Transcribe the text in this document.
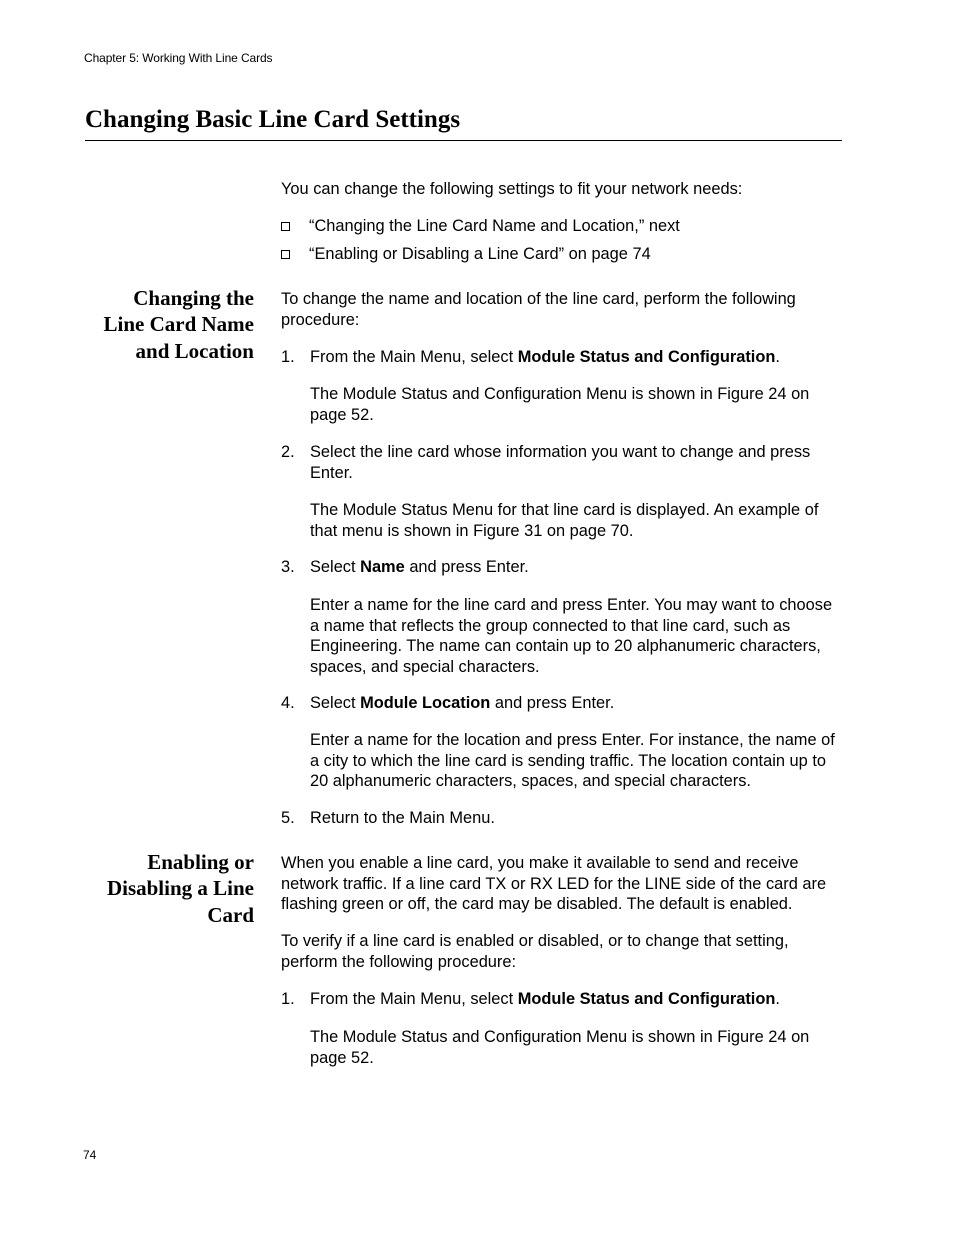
Chapter 5: Working With Line Cards
Changing Basic Line Card Settings
You can change the following settings to fit your network needs:
“Changing the Line Card Name and Location,” next
“Enabling or Disabling a Line Card” on page 74
Changing the
Line Card Name
and Location
To change the name and location of the line card, perform the following procedure:
1. From the Main Menu, select Module Status and Configuration.
The Module Status and Configuration Menu is shown in Figure 24 on page 52.
2. Select the line card whose information you want to change and press Enter.
The Module Status Menu for that line card is displayed. An example of that menu is shown in Figure 31 on page 70.
3. Select Name and press Enter.
Enter a name for the line card and press Enter. You may want to choose a name that reflects the group connected to that line card, such as Engineering. The name can contain up to 20 alphanumeric characters, spaces, and special characters.
4. Select Module Location and press Enter.
Enter a name for the location and press Enter. For instance, the name of a city to which the line card is sending traffic. The location contain up to 20 alphanumeric characters, spaces, and special characters.
5. Return to the Main Menu.
Enabling or
Disabling a Line
Card
When you enable a line card, you make it available to send and receive network traffic. If a line card TX or RX LED for the LINE side of the card are flashing green or off, the card may be disabled. The default is enabled.
To verify if a line card is enabled or disabled, or to change that setting, perform the following procedure:
1. From the Main Menu, select Module Status and Configuration.
The Module Status and Configuration Menu is shown in Figure 24 on page 52.
74
